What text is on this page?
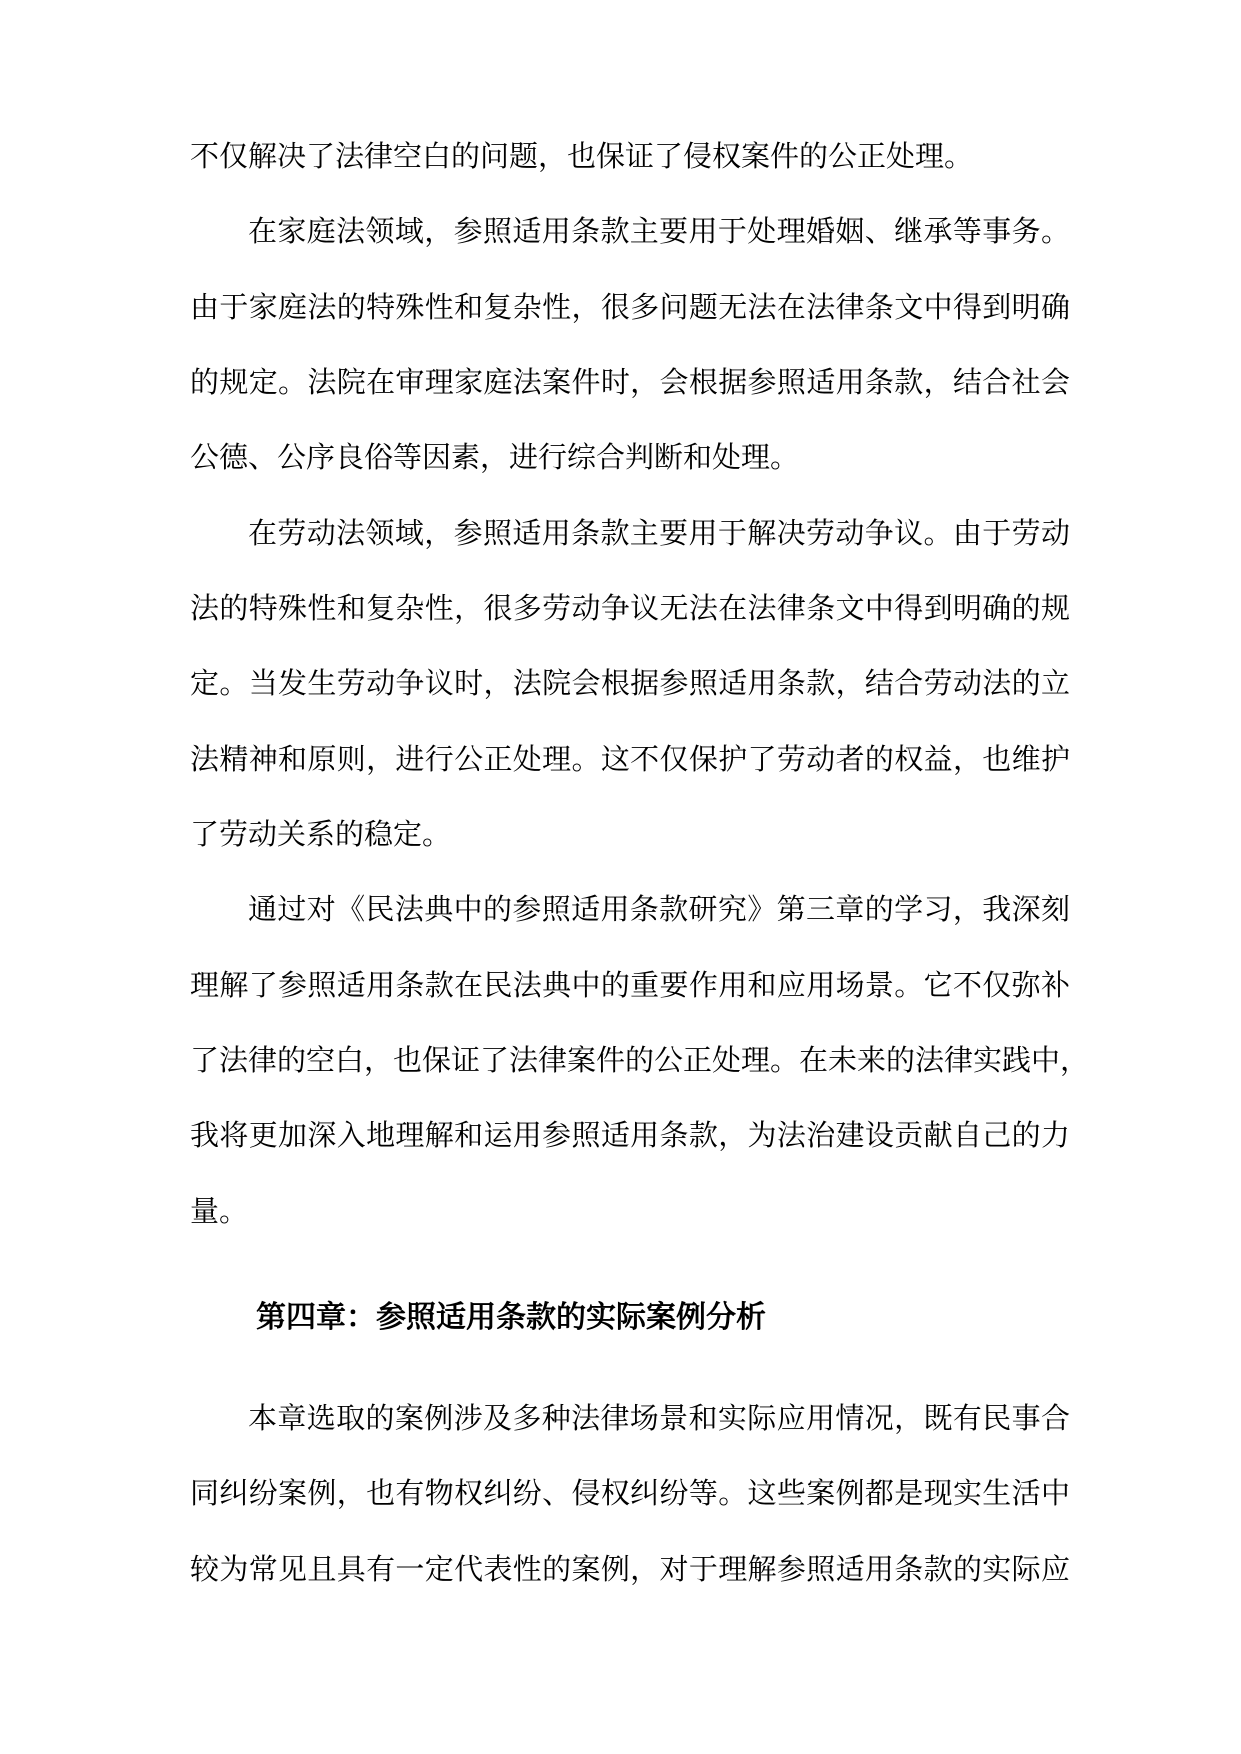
不仅解决了法律空白的问题，也保证了侵权案件的公正处理。
在家庭法领域，参照适用条款主要用于处理婚姻、继承等事务。
由于家庭法的特殊性和复杂性，很多问题无法在法律条文中得到明确
的规定。法院在审理家庭法案件时，会根据参照适用条款，结合社会
公德、公序良俗等因素，进行综合判断和处理。
在劳动法领域，参照适用条款主要用于解决劳动争议。由于劳动
法的特殊性和复杂性，很多劳动争议无法在法律条文中得到明确的规
定。当发生劳动争议时，法院会根据参照适用条款，结合劳动法的立
法精神和原则，进行公正处理。这不仅保护了劳动者的权益，也维护
了劳动关系的稳定。
通过对《民法典中的参照适用条款研究》第三章的学习，我深刻
理解了参照适用条款在民法典中的重要作用和应用场景。它不仅弥补
了法律的空白，也保证了法律案件的公正处理。在未来的法律实践中，
我将更加深入地理解和运用参照适用条款，为法治建设贡献自己的力
量。
第四章：参照适用条款的实际案例分析
本章选取的案例涉及多种法律场景和实际应用情况，既有民事合
同纠纷案例，也有物权纠纷、侵权纠纷等。这些案例都是现实生活中
较为常见且具有一定代表性的案例，对于理解参照适用条款的实际应
